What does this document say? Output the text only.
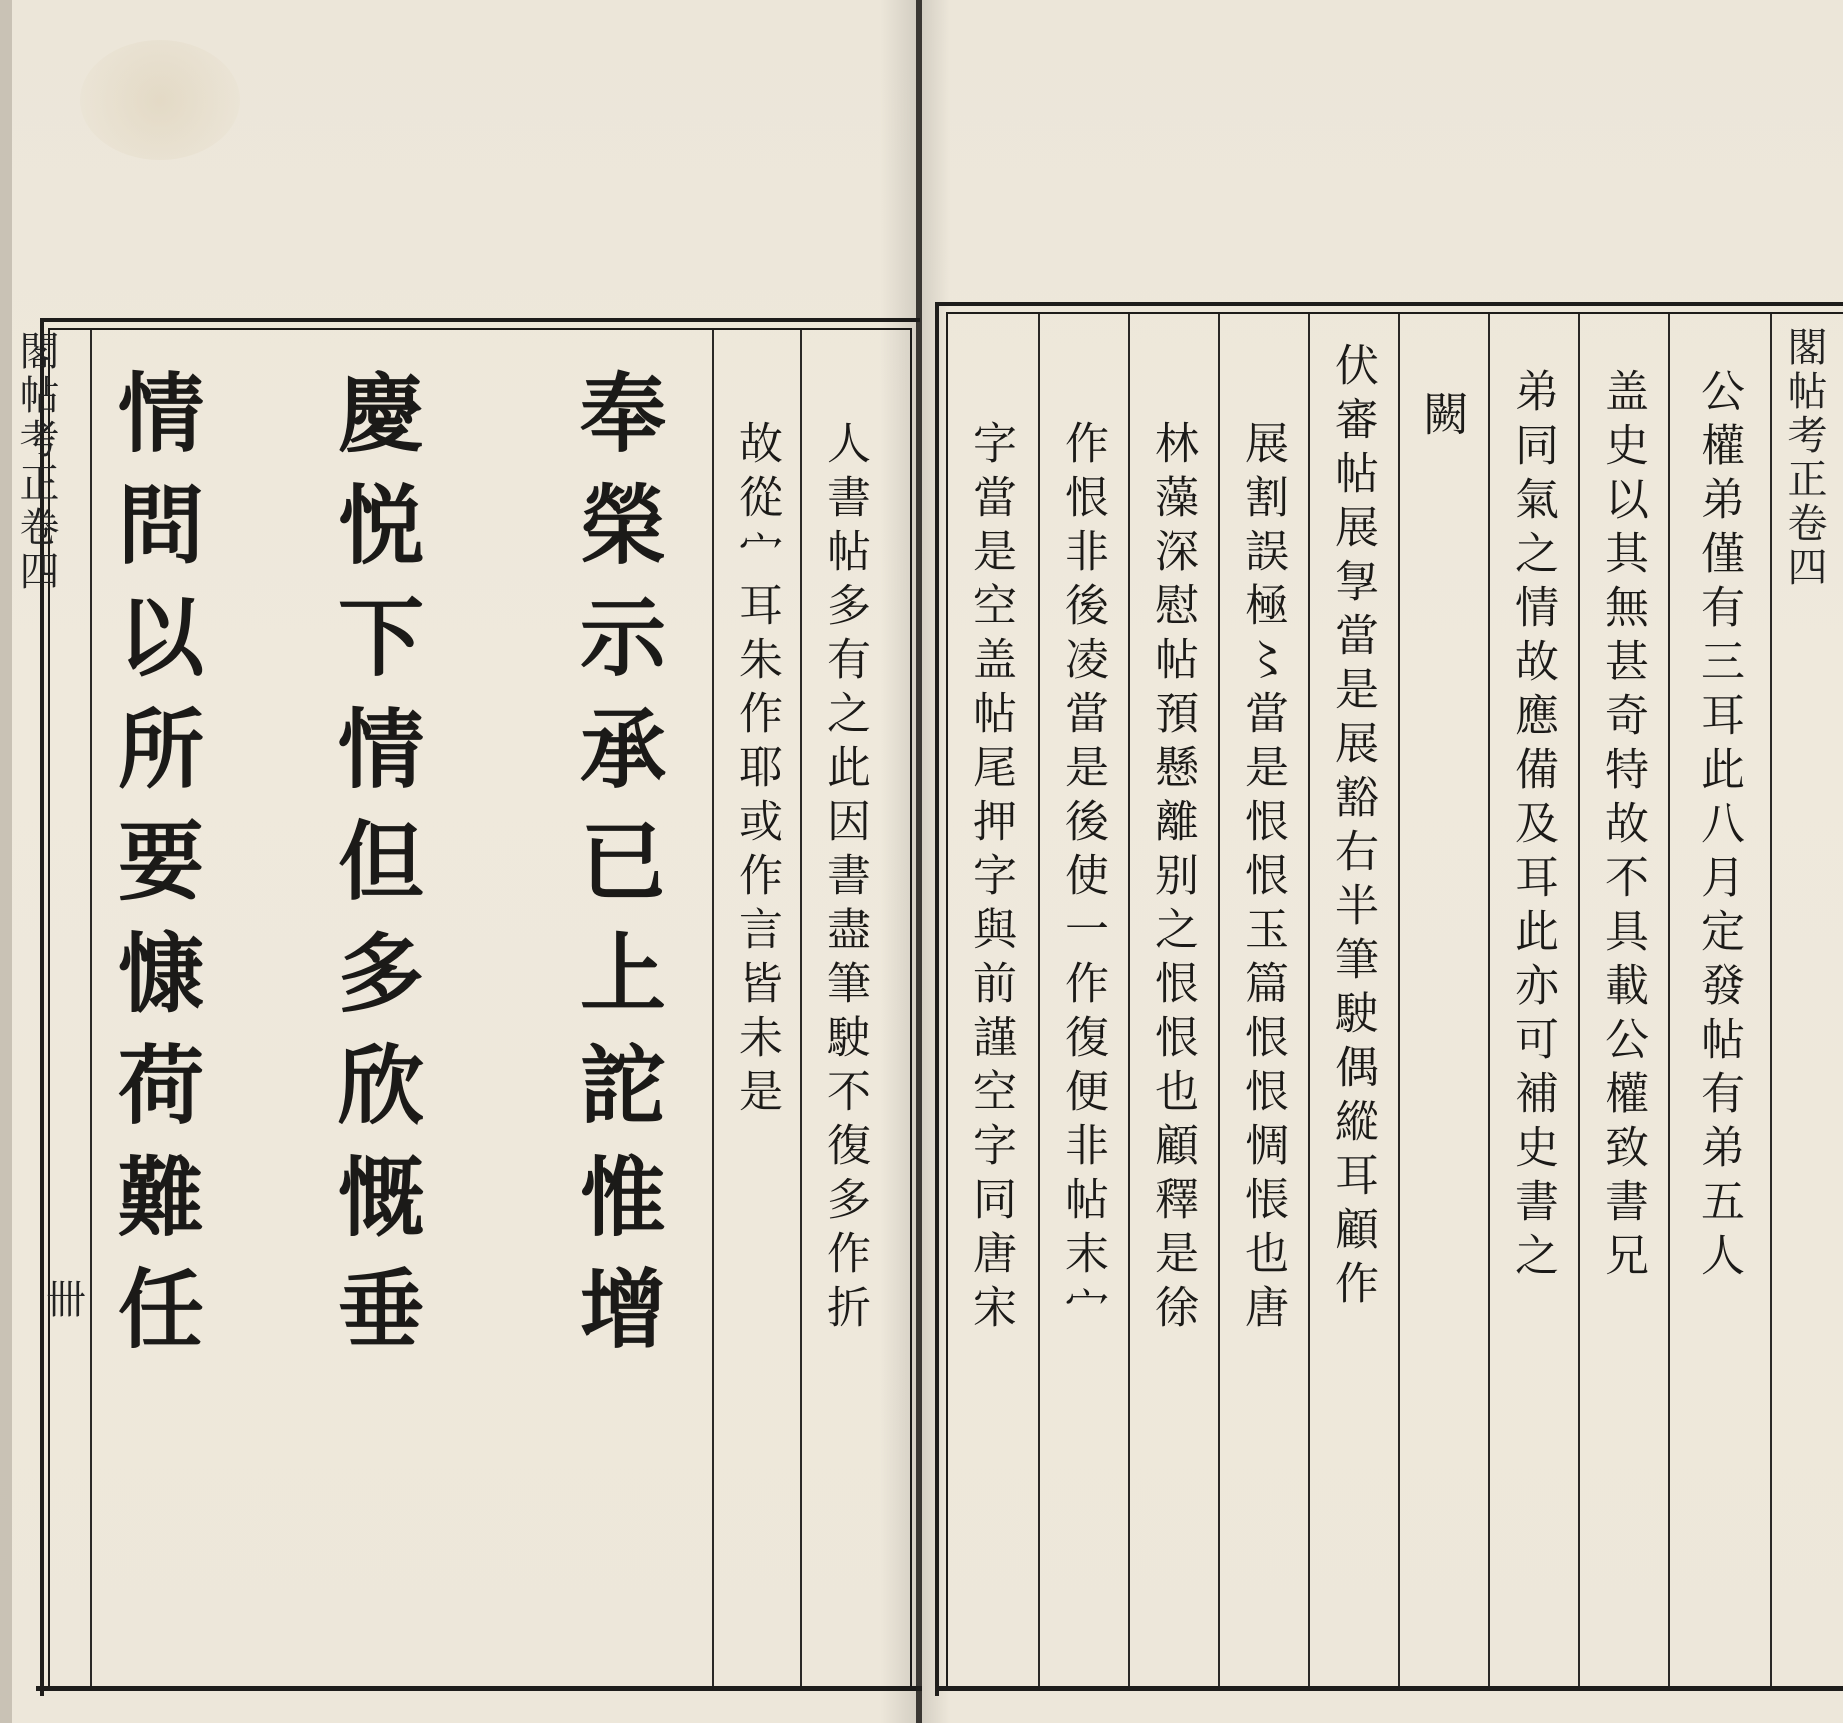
閣帖考正卷四
卌	奉榮示承已上詑惟增
慶悦下情但多欣慨垂
情問以所要慷荷難任	人書帖多有之此因書盡筆駛不復多作折
故從宀耳朱作耶或作言皆未是	閣帖考正卷四
公權弟僅有三耳此八月定發帖有弟五人
盖史以其無甚奇特故不具載公權致書兄
弟同氣之情故應備及耳此亦可補史書之
闕
伏審帖展㝁當是展豁右半筆駛偶縱耳顧作
展割誤極〻當是恨恨玉篇恨恨惆悵也唐
林藻深慰帖預懸離别之恨恨也顧釋是徐
作恨非後凌當是後使一作復便非帖末宀
字當是空盖帖尾押字與前謹空字同唐宋
